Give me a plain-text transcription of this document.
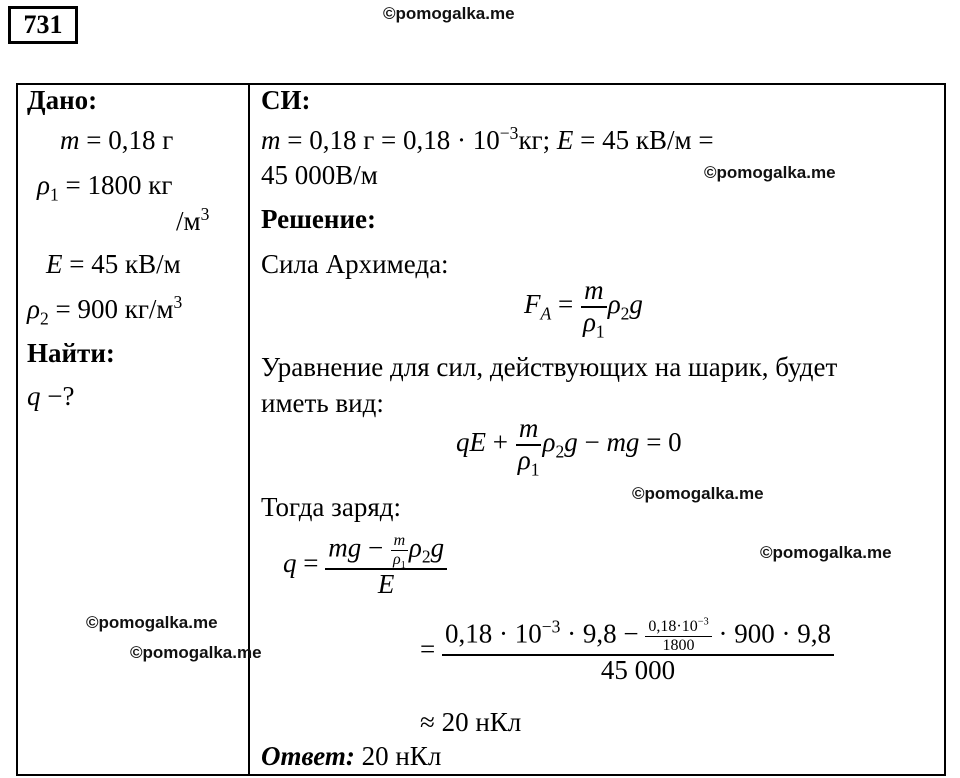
731	©pomogalka.me
Дано:
m = 0,18 г
$\rho_1 = 1800$ кг
$/м^3$
E = 45 кВ/м
$\rho_2 = 900$ $кг/м^3$
Найти:
q −?
©pomogalka.me
©pomogalka.me
СИ:
m = 0,18 $г = 0,18 \cdot 10^{-3}кг$; E = 45 кВ/м =
45 000В/м	©pomogalka.me
Решение:
Сила Архимеда:
$F_A = \frac{m}{\rho_1} \rho_2g$
Уравнение для сил, действующих на шарик, будет
иметь вид:
qE + $\frac{m}{\rho_1} \rho_2g$ − mg = 0
©pomogalka.me
Тогда заряд:
©pomogalka.me
$q = \frac{mg - \frac{m}{\rho_1} \rho_2g}{E}$
= $\frac{0,18 \cdot 10^{-3} \cdot 9,8 - \frac{0,18\cdot 10^{-3}}{1800} \cdot 900 \cdot 9,8}{45 000}$
≈ 20 нКл
Ответ: 20 нКл
